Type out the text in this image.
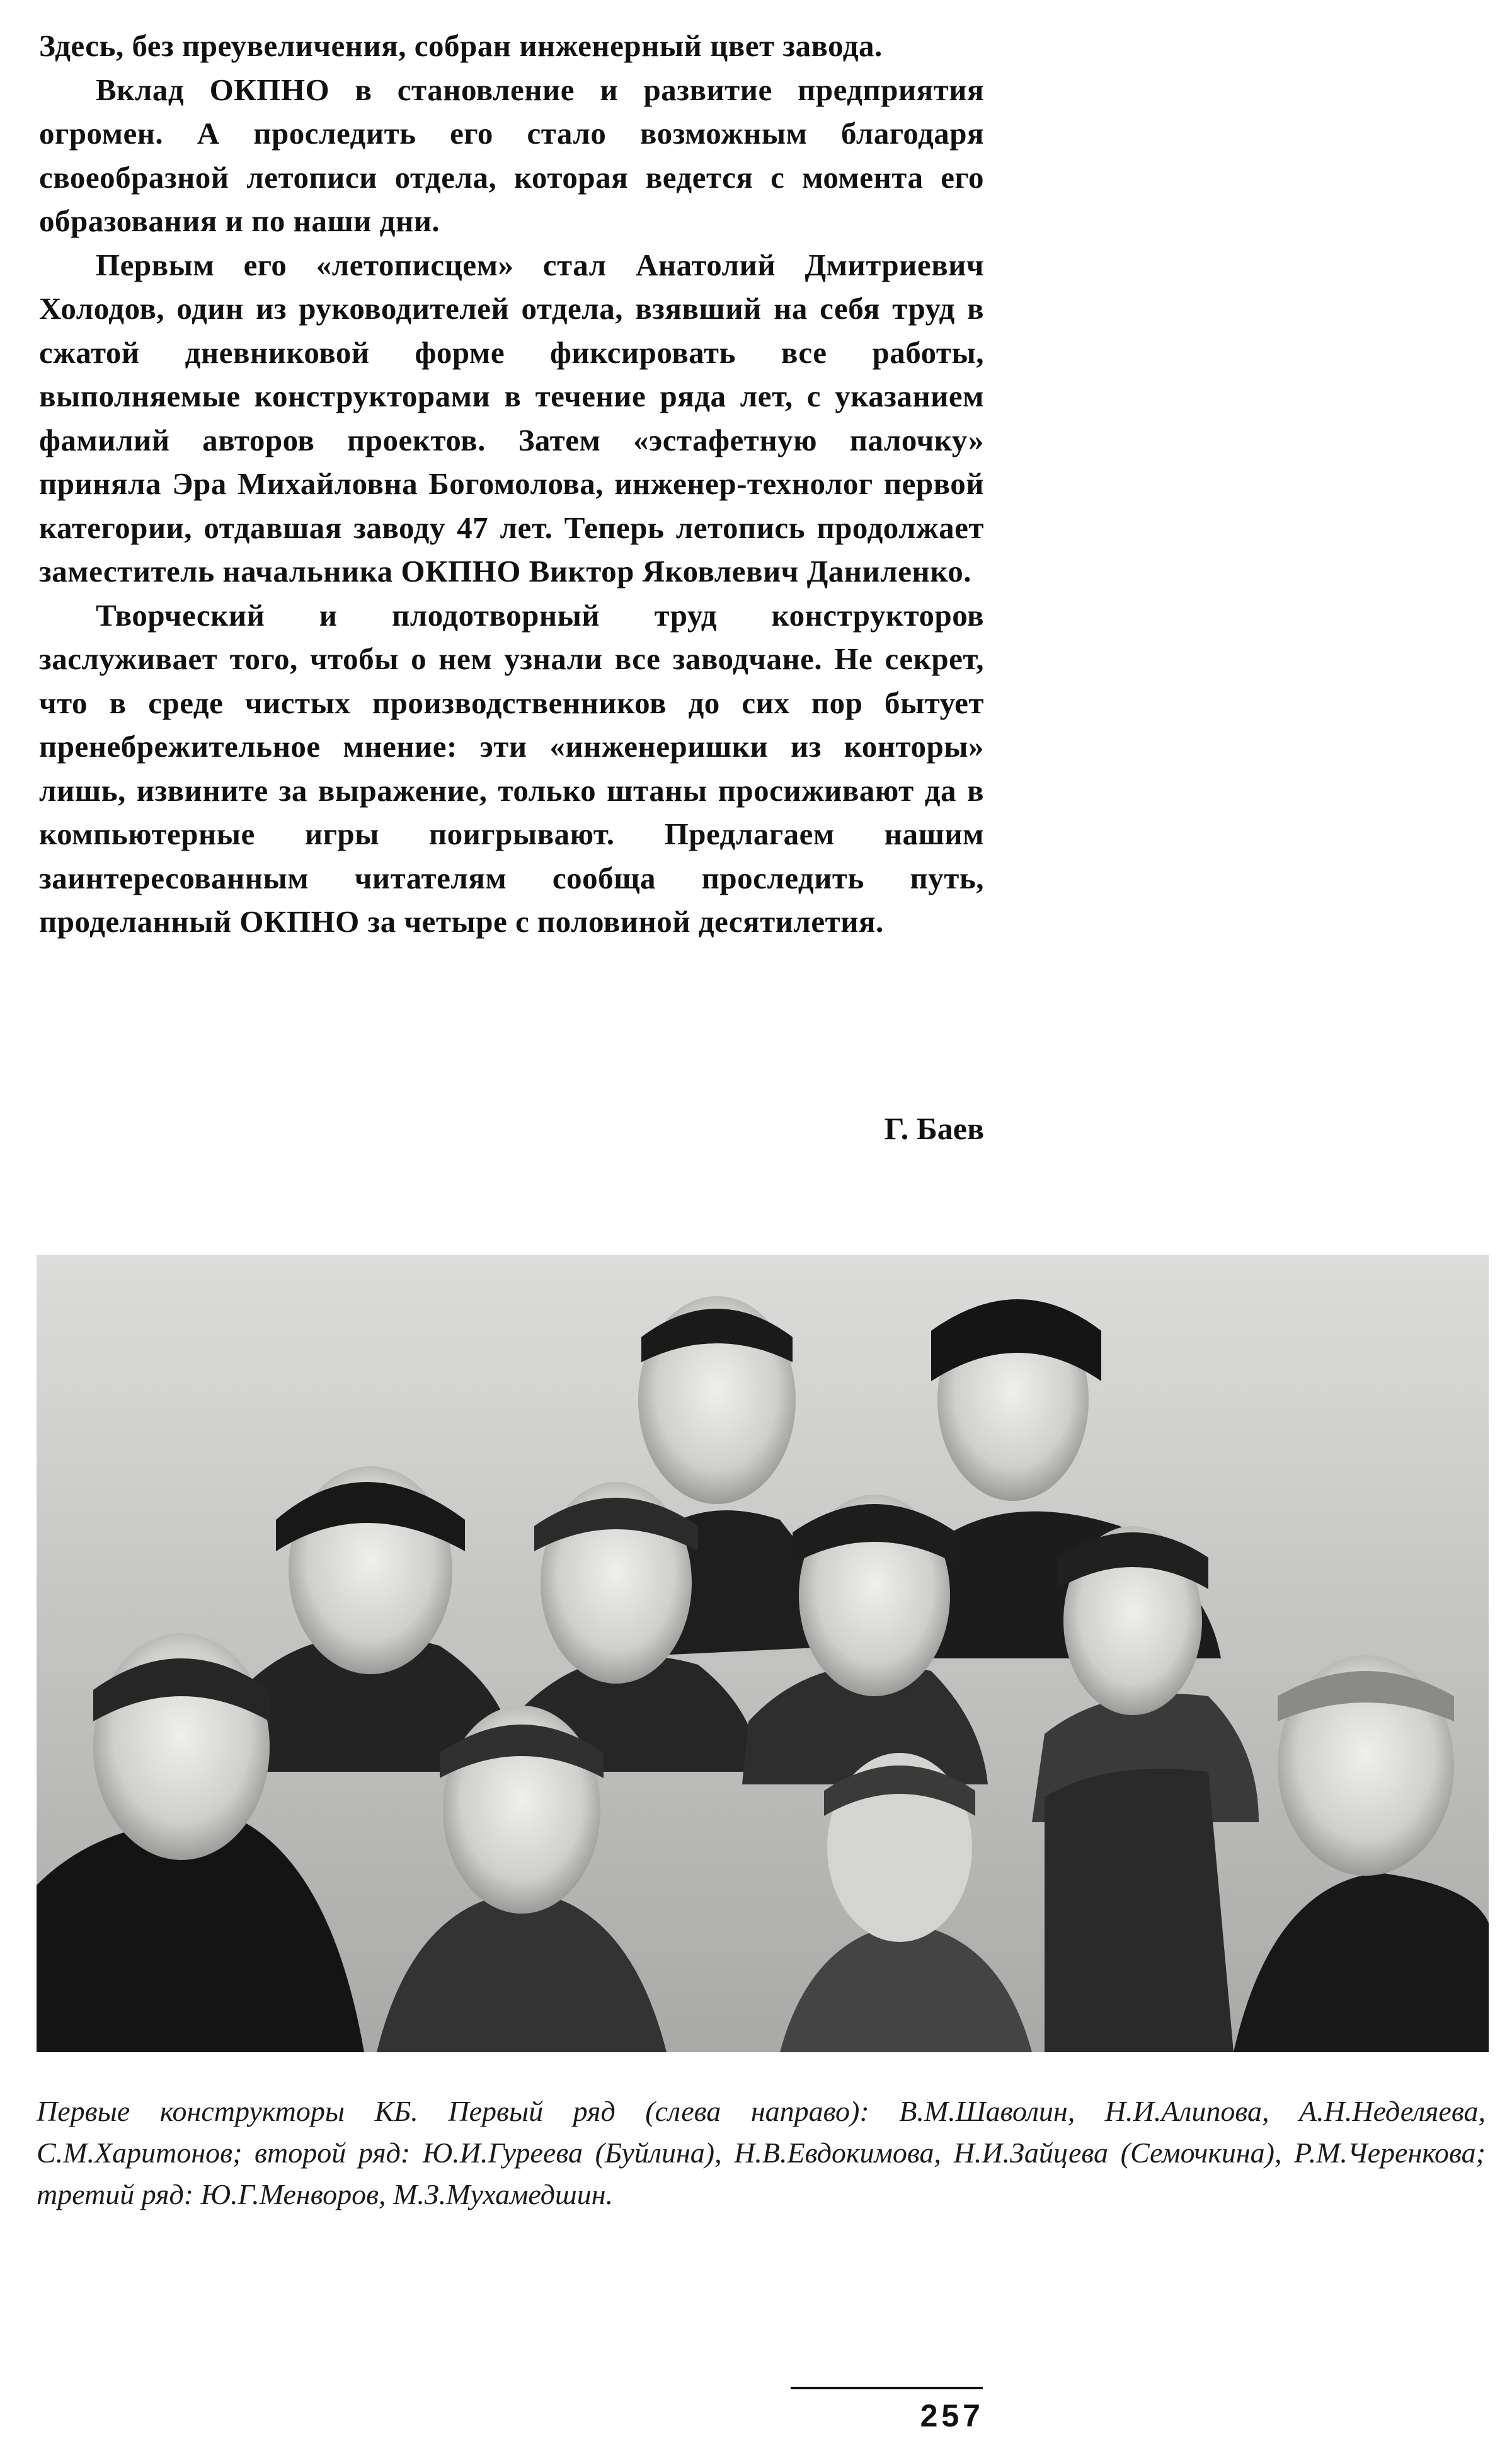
Здесь, без преувеличения, собран инженерный цвет завода.

Вклад ОКПНО в становление и развитие предприятия огромен. А проследить его стало возможным благодаря своеобразной летописи отдела, которая ведется с момента его образования и по наши дни.

Первым его «летописцем» стал Анатолий Дмитриевич Холодов, один из руководителей отдела, взявший на себя труд в сжатой дневниковой форме фиксировать все работы, выполняемые конструкторами в течение ряда лет, с указанием фамилий авторов проектов. Затем «эстафетную палочку» приняла Эра Михайловна Богомолова, инженер-технолог первой категории, отдавшая заводу 47 лет. Теперь летопись продолжает заместитель начальника ОКПНО Виктор Яковлевич Даниленко.

Творческий и плодотворный труд конструкторов заслуживает того, чтобы о нем узнали все заводчане. Не секрет, что в среде чистых производственников до сих пор бытует пренебрежительное мнение: эти «инженеришки из конторы» лишь, извините за выражение, только штаны просиживают да в компьютерные игры поигрывают. Предлагаем нашим заинтересованным читателям сообща проследить путь, проделанный ОКПНО за четыре с половиной десятилетия.

Г. Баев
Первые конструкторы КБ. Первый ряд (слева направо): В.М.Шаволин, Н.И.Алипова, А.Н.Неделяева, С.М.Харитонов; второй ряд: Ю.И.Гуреева (Буйлина), Н.В.Евдокимова, Н.И.Зайцева (Семочкина), Р.М.Черенкова; третий ряд: Ю.Г.Менворов, М.З.Мухамедшин.
257
